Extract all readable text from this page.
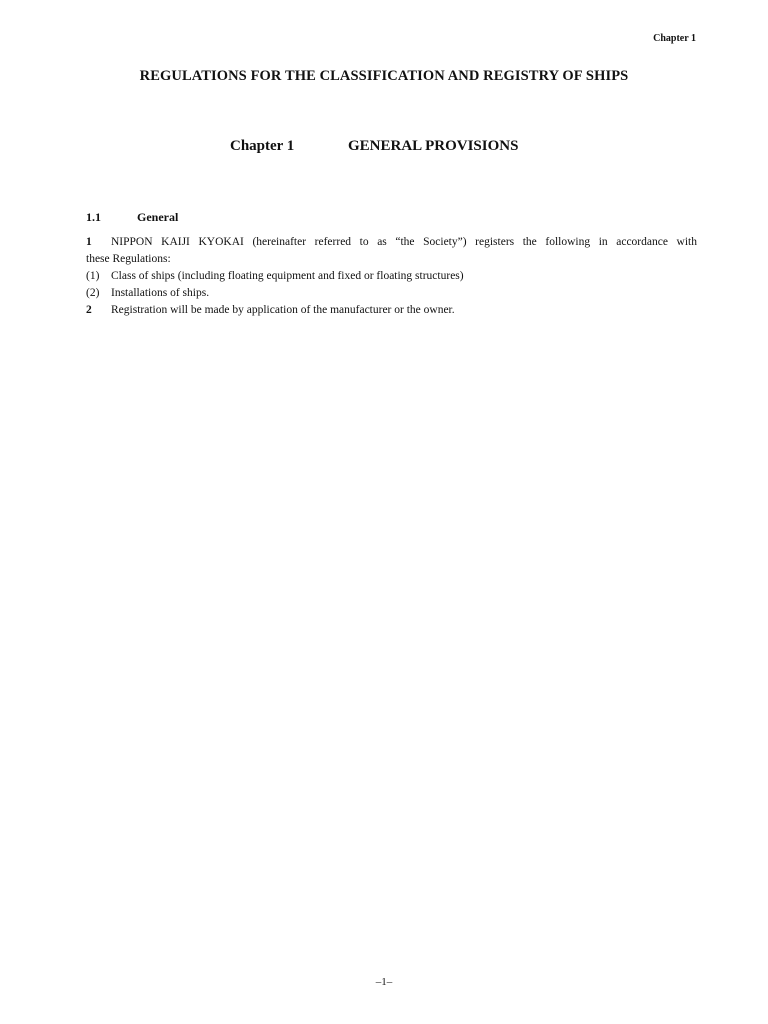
Chapter 1
REGULATIONS FOR THE CLASSIFICATION AND REGISTRY OF SHIPS
Chapter 1	GENERAL PROVISIONS
1.1	General

1 NIPPON KAIJI KYOKAI (hereinafter referred to as “the Society”) registers the following in accordance with
these Regulations:

(1)	Class of ships (including floating equipment and fixed or floating structures)
(2)	Installations of ships.

2 Registration will be made by application of the manufacturer or the owner.

–1–
